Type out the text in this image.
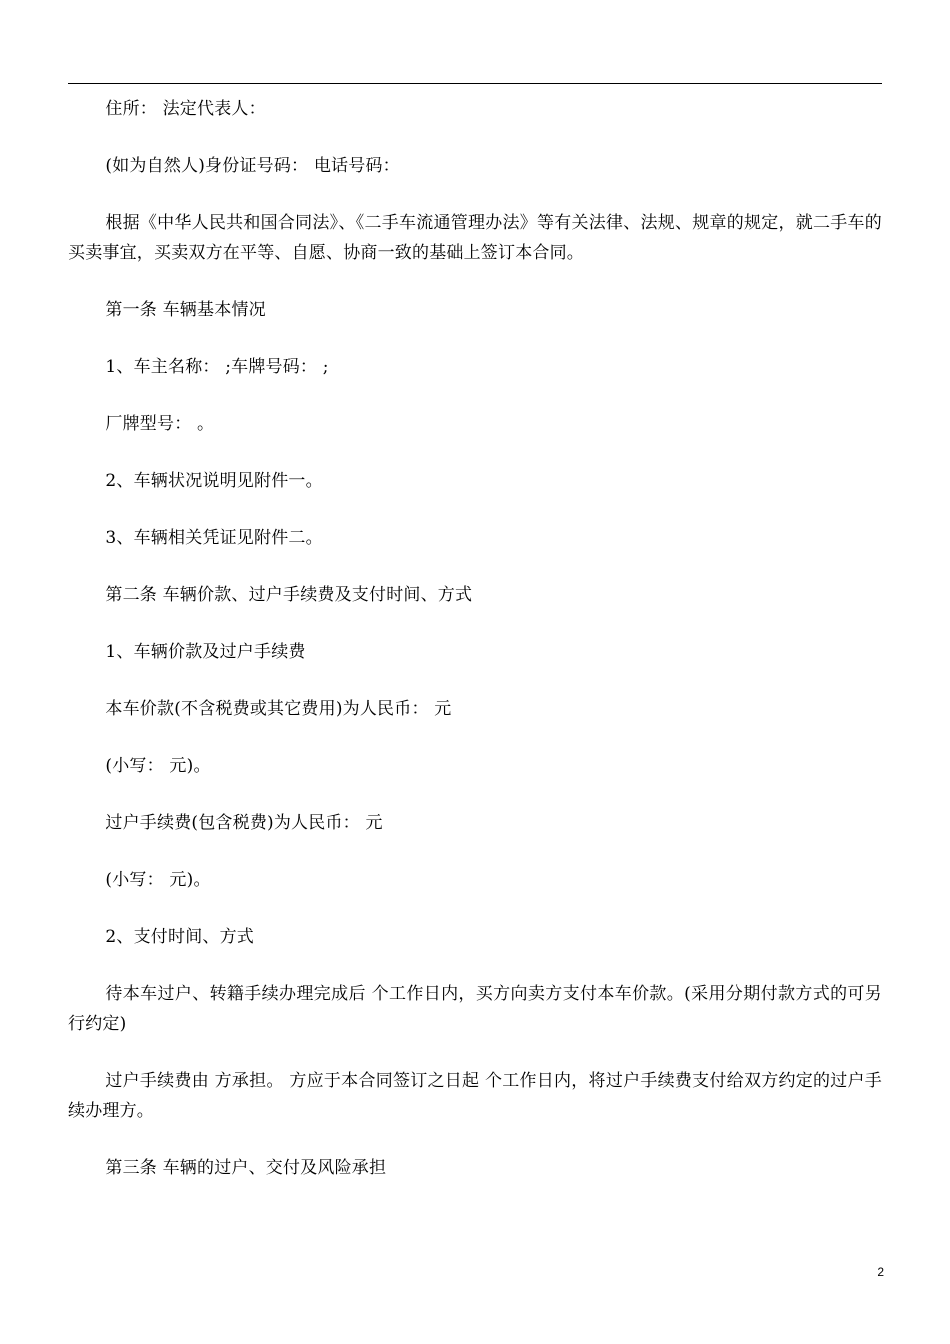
住所： 法定代表人：

(如为自然人)身份证号码： 电话号码：

根据《中华人民共和国合同法》、《二手车流通管理办法》等有关法律、法规、规章的规定，就二手车的买卖事宜，买卖双方在平等、自愿、协商一致的基础上签订本合同。

第一条 车辆基本情况

1、车主名称： ;车牌号码： ;

厂牌型号： 。

2、车辆状况说明见附件一。

3、车辆相关凭证见附件二。

第二条 车辆价款、过户手续费及支付时间、方式

1、车辆价款及过户手续费

本车价款(不含税费或其它费用)为人民币： 元

(小写： 元)。

过户手续费(包含税费)为人民币： 元

(小写： 元)。

2、支付时间、方式

待本车过户、转籍手续办理完成后 个工作日内，买方向卖方支付本车价款。(采用分期付款方式的可另行约定)

过户手续费由 方承担。 方应于本合同签订之日起 个工作日内，将过户手续费支付给双方约定的过户手续办理方。

第三条 车辆的过户、交付及风险承担

2
